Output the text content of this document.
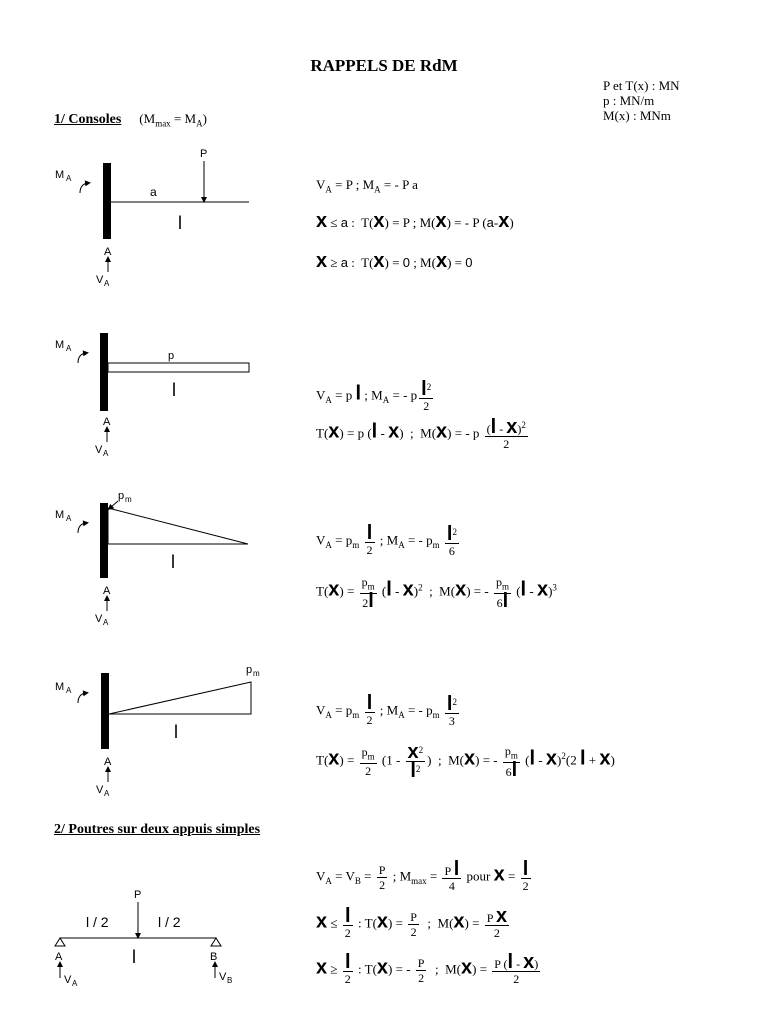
RAPPELS DE RdM
P et T(x) : MN
p : MN/m
M(x) : MNm
1/ Consoles $(M_{max} = M_A)$
P
a
l
M A
A
V A
p
l
M A
A
V A
p m
l
M A
A
V A
p m
l
M A
A
V A
P
l / 2	l / 2
l
A
V A
B
V B
$V_A = P$ ; $M_A$ = - P a
x ≤ a :  T(x) = P ; M(x) = - P (a-x)
x ≥ a :  T(x) = 0 ; M(x) = 0
$V_A = p$ l ; $M_A$ = - p $\frac{l^2}{2}$
T(x) = p (l - x)  ;  M(x) = - p $\frac{(l - x)^2}{2}$
$V_A = p_m \frac{l}{2}$ ; $M_A$ = - $p_m \frac{l^2}{6}$
$T(x) = \frac{p_m}{2l} (l - x)^2$  ;  M(x) = - $\frac{p_m}{6l} (l - x)^3$
$V_A = p_m \frac{l}{2}$ ; $M_A$ = - $p_m \frac{l^2}{3}$
$T(x) = \frac{p_m}{2} (1 - \frac{x^2}{l^2}$ )  ;  M(x) = - $\frac{p_m}{6l} (l - x)^2(2$ l + x)
2/ Poutres sur deux appuis simples
$V_A = V_B = \frac{P}{2}$ ; $M_{max} = \frac{\text{P l}}{4}$ pour $x = \frac{l}{2}$
$x \le \frac{l}{2}$ : $T(x) = \frac{P}{2}$ ;  $M(x) = \frac{\text{P x}}{2}$
$x \ge \frac{l}{2}$ : T(x) = - $\frac{P}{2}$ ;  $M(x) = \frac{P (l - x)}{2}$
